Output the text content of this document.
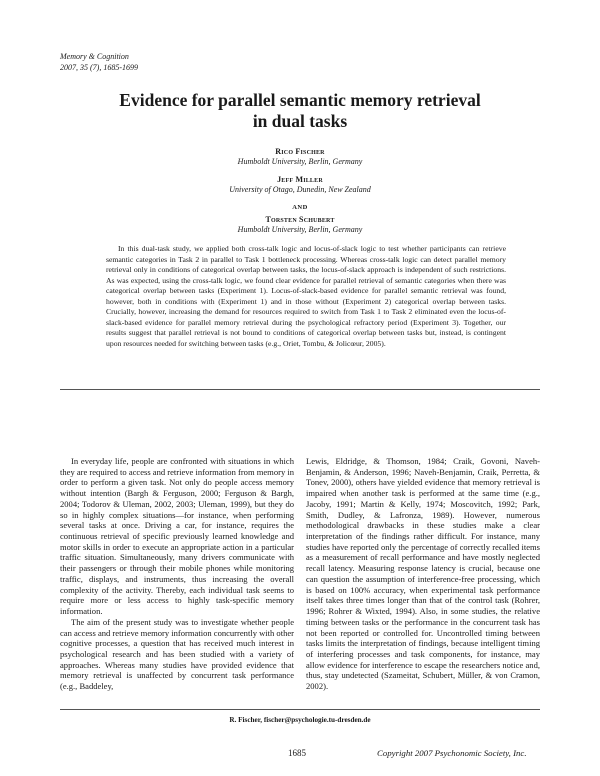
Memory & Cognition
2007, 35 (7), 1685-1699
Evidence for parallel semantic memory retrieval
in dual tasks
Rico Fischer
Humboldt University, Berlin, Germany
Jeff Miller
University of Otago, Dunedin, New Zealand
AND
Torsten Schubert
Humboldt University, Berlin, Germany
In this dual-task study, we applied both cross-talk logic and locus-of-slack logic to test whether participants can retrieve semantic categories in Task 2 in parallel to Task 1 bottleneck processing. Whereas cross-talk logic can detect parallel memory retrieval only in conditions of categorical overlap between tasks, the locus-of-slack approach is independent of such restrictions. As was expected, using the cross-talk logic, we found clear evidence for parallel retrieval of semantic categories when there was categorical overlap between tasks (Experiment 1). Locus-of-slack-based evidence for parallel semantic retrieval was found, however, both in conditions with (Experiment 1) and in those without (Experiment 2) categorical overlap between tasks. Crucially, however, increasing the demand for resources required to switch from Task 1 to Task 2 eliminated even the locus-of-slack-based evidence for parallel memory retrieval during the psychological refractory period (Experiment 3). Together, our results suggest that parallel retrieval is not bound to conditions of categorical overlap between tasks but, instead, is contingent upon resources needed for switching between tasks (e.g., Oriet, Tombu, & Jolicœur, 2005).

In everyday life, people are confronted with situations in which they are required to access and retrieve information from memory in order to perform a given task. Not only do people access memory without intention (Bargh & Ferguson, 2000; Ferguson & Bargh, 2004; Todorov & Uleman, 2002, 2003; Uleman, 1999), but they do so in highly complex situations—for instance, when performing several tasks at once. Driving a car, for instance, requires the continuous retrieval of specific previously learned knowledge and motor skills in order to execute an appropriate action in a particular traffic situation. Simultaneously, many drivers communicate with their passengers or through their mobile phones while monitoring traffic, displays, and instruments, thus increasing the overall complexity of the activity. Thereby, each individual task seems to require more or less access to highly task-specific memory information.

The aim of the present study was to investigate whether people can access and retrieve memory information concurrently with other cognitive processes, a question that has received much interest in psychological research and has been studied with a variety of approaches. Whereas many studies have provided evidence that memory retrieval is unaffected by concurrent task performance (e.g., Baddeley,

Lewis, Eldridge, & Thomson, 1984; Craik, Govoni, Naveh-Benjamin, & Anderson, 1996; Naveh-Benjamin, Craik, Perretta, & Tonev, 2000), others have yielded evidence that memory retrieval is impaired when another task is performed at the same time (e.g., Jacoby, 1991; Martin & Kelly, 1974; Moscovitch, 1992; Park, Smith, Dudley, & Lafronza, 1989). However, numerous methodological drawbacks in these studies make a clear interpretation of the findings rather difficult. For instance, many studies have reported only the percentage of correctly recalled items as a measurement of recall performance and have mostly neglected recall latency. Measuring response latency is crucial, because one can question the assumption of interference-free processing, which is based on 100% accuracy, when experimental task performance itself takes three times longer than that of the control task (Rohrer, 1996; Rohrer & Wixted, 1994). Also, in some studies, the relative timing between tasks or the performance in the concurrent task has not been reported or controlled for. Uncontrolled timing between tasks limits the interpretation of findings, because intelligent timing of interfering processes and task components, for instance, may allow evidence for interference to escape the researchers notice and, thus, stay undetected (Szameitat, Schubert, Müller, & von Cramon, 2002).

R. Fischer, fischer@psychologie.tu-dresden.de
1685	Copyright 2007 Psychonomic Society, Inc.
